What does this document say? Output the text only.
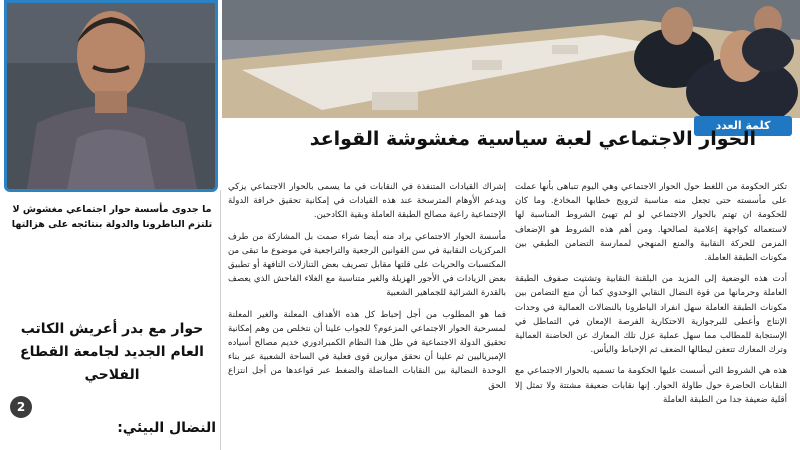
كلمة العدد
الحوار الاجتماعي لعبة سياسية مغشوشة القواعد

تكثر الحكومة من اللغط حول الحوار الاجتماعي وهي اليوم تتباهى بأنها عملت على مأسسته حتى تجعل منه مناسبة لترويج خطابها المخادع. وما كان للحكومة ان تهتم بالحوار الاجتماعي لو لم تهيئ الشروط المناسبة لها لاستعماله كواجهة إعلامية لصالحها. ومن أهم هذه الشروط هو الإضعاف المزمن للحركة النقابية والمنع المنهجي لممارسة التضامن الطبقي بين مكونات الطبقة العاملة.

أدت هذه الوضعية إلى المزيد من البلقنة النقابية وتشتيت صفوف الطبقة العاملة وحرمانها من قوة النضال النقابي الوحدوي كما أن منع التضامن بين مكونات الطبقة العاملة سهل انفراد الباطرونا بالنضالات العمالية في وحدات الإنتاج وأعطى للبرجوازية الاحتكارية الفرصة الإمعان في التماطل في الإستجابة للمطالب مما سهل عملية عزل تلك المعارك عن الحاضنة العمالية وترك المعارك تتعفن ليطالها الضعف ثم الإحباط واليأس.

هذه هي الشروط التي أسست عليها الحكومة ما تسميه بالحوار الاجتماعي مع النقابات الحاضرة حول طاولة الحوار. إنها نقابات ضعيفة مشتتة ولا تمثل إلا أقلية ضعيفة جدا من الطبقة العاملة

إشراك القيادات المتنفذة في النقابات في ما يسمى بالحوار الاجتماعي يزكي ويدعم الأوهام المترسخة عند هذه القيادات في إمكانية تحقيق خرافة الدولة الإجتماعية راعية مصالح الطبقة العاملة وبقية الكادحين.

مأسسة الحوار الاجتماعي يراد منه أيضا شراء صمت بل المشاركة من طرف المركزيات النقابية في سن القوانين الرجعية والتراجعية في موضوع ما تبقى من المكتسبات والحريات على قلتها مقابل تصريف بعض التنازلات التافهة أو تطبيق بعض الزيادات في الأجور الهزيلة والغير متناسبة مع الغلاء الفاحش الذي يعصف بالقدرة الشرائية للجماهير الشعبية

فما هو المطلوب من أجل إحباط كل هذه الأهداف المعلنة والغير المعلنة لمسرحية الحوار الاجتماعي المزعوم؟ للجواب علينا أن نتخلص من وهم إمكانية تحقيق الدولة الاجتماعية في ظل هذا النظام الكمبرادوري خديم مصالح أسياده الإمبرياليين ثم علينا أن نحقق موازين قوى فعلية في الساحة الشعبية عبر بناء الوحدة النضالية بين النقابات المناضلة والضغط عبر قواعدها من أجل انتزاع الحق

ما جدوى مأسسة حوار اجتماعي مغشوش لا تلتزم الباطرونا والدولة بنتائجه على هزالتها
حوار مع بدر أعريش الكاتب العام الجديد لجامعة القطاع الفلاحي
2
النضال البيئي:
